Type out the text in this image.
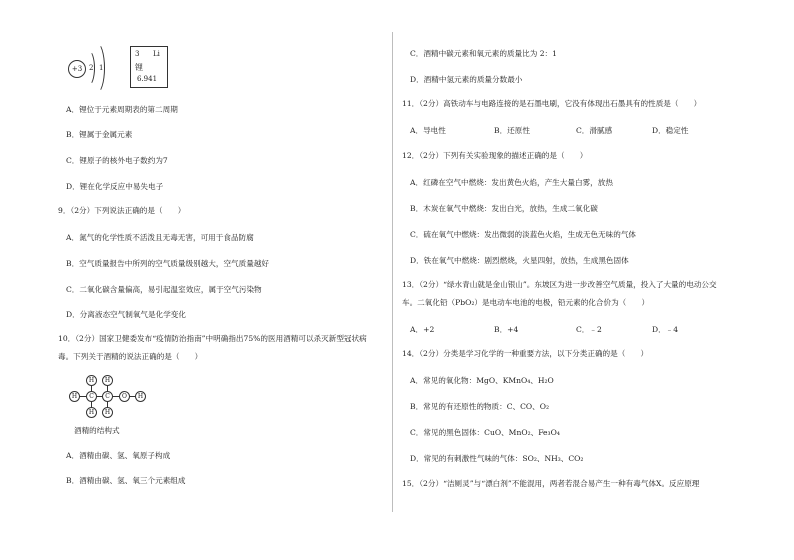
+3 2 1
3 Li
锂
6.941
A．锂位于元素周期表的第二周期
B．锂属于金属元素
C．锂原子的核外电子数约为7
D．锂在化学反应中易失电子
9．（2分）下列说法正确的是（　　）
A．氮气的化学性质不活泼且无毒无害，可用于食品防腐
B．空气质量报告中所列的空气质量级别越大，空气质量越好
C．二氧化碳含量偏高，易引起温室效应，属于空气污染物
D．分离液态空气制氧气是化学变化
10．（2分）国家卫健委发布“疫情防治指南”中明确指出75%的医用酒精可以杀灭新型冠状病
毒。下列关于酒精的说法正确的是（　　）
H	H
H	C	C	O	H
H	H
酒精的结构式
A．酒精由碳、氢、氧原子构成
B．酒精由碳、氢、氧三个元素组成
C．酒精中碳元素和氧元素的质量比为 2：1
D．酒精中氢元素的质量分数最小
11．（2分）高铁动车与电路连接的是石墨电刷，它没有体现出石墨具有的性质是（　　）
A．导电性	B．还原性	C．滑腻感	D．稳定性
12．（2分）下列有关实验现象的描述正确的是（　　）
A．红磷在空气中燃烧：发出黄色火焰，产生大量白雾，放热
B．木炭在氧气中燃烧：发出白光，放热，生成二氧化碳
C．硫在氧气中燃烧：发出微弱的淡蓝色火焰，生成无色无味的气体
D．铁在氧气中燃烧：剧烈燃烧，火星四射，放热，生成黑色固体
13．（2分）“绿水青山就是金山银山”。东坡区为进一步改善空气质量，投入了大量的电动公交
车。二氧化铅（PbO₂）是电动车电池的电极，铅元素的化合价为（　　）
A．+2	B．+4	C．﹣2	D．﹣4
14．（2分）分类是学习化学的一种重要方法，以下分类正确的是（　　）
A．常见的氧化物：MgO、KMnO₄、H₂O
B．常见的有还原性的物质：C、CO、O₂
C．常见的黑色固体：CuO、MnO₂、Fe₃O₄
D．常见的有刺激性气味的气体：SO₂、NH₃、CO₂
15．（2分）“洁厕灵”与“漂白剂”不能混用，两者若混合易产生一种有毒气体X。反应原理
